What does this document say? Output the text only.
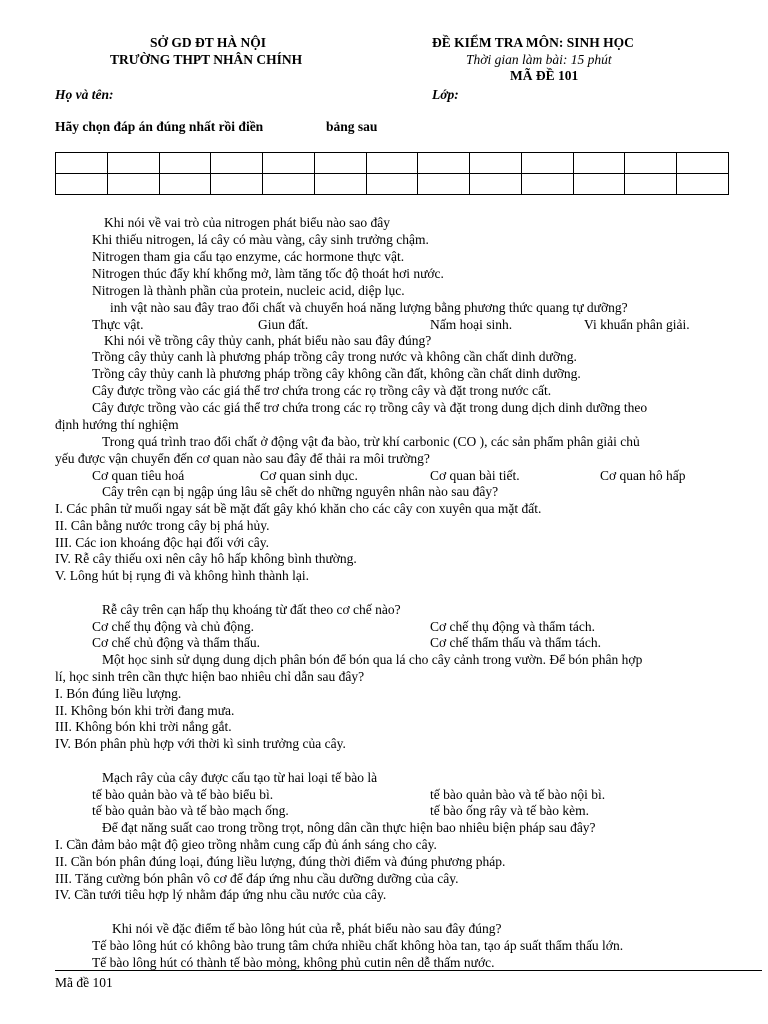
SỞ GD ĐT HÀ NỘI
TRƯỜNG THPT NHÂN CHÍNH
ĐỀ KIỂM TRA MÔN: SINH HỌC
Thời gian làm bài: 15 phút
MÃ ĐỀ 101
Họ và tên:	Lớp:
Hãy chọn đáp án đúng nhất rồi điền	bảng sau

Khi nói về vai trò của nitrogen phát biểu nào sao đây
Khi thiếu nitrogen, lá cây có màu vàng, cây sinh trưởng chậm.
Nitrogen tham gia cấu tạo enzyme, các hormone thực vật.
Nitrogen thúc đẩy khí khổng mở, làm tăng tốc độ thoát hơi nước.
Nitrogen là thành phần của protein, nucleic acid, diệp lục.
inh vật nào sau đây trao đổi chất và chuyển hoá năng lượng bằng phương thức quang tự dưỡng?
Thực vật.	Giun đất.	Nấm hoại sinh.	Vi khuẩn phân giải.
Khi nói về trồng cây thủy canh, phát biểu nào sau đây đúng?
Trồng cây thủy canh là phương pháp trồng cây trong nước và không cần chất dinh dưỡng.
Trồng cây thủy canh là phương pháp trồng cây không cần đất, không cần chất dinh dưỡng.
Cây được trồng vào các giá thể trơ chứa trong các rọ trồng cây và đặt trong nước cất.
Cây được trồng vào các giá thể trơ chứa trong các rọ trồng cây và đặt trong dung dịch dinh dưỡng theo
định hướng thí nghiệm
Trong quá trình trao đổi chất ở động vật đa bào, trừ khí carbonic (CO ), các sản phẩm phân giải chủ
yếu được vận chuyển đến cơ quan nào sau đây để thải ra môi trường?
Cơ quan tiêu hoá	Cơ quan sinh dục.	Cơ quan bài tiết.	Cơ quan hô hấp
Cây trên cạn bị ngập úng lâu sẽ chết do những nguyên nhân nào sau đây?
I. Các phân tử muối ngay sát bề mặt đất gây khó khăn cho các cây con xuyên qua mặt đất.
II. Cân bằng nước trong cây bị phá hủy.
III. Các ion khoáng độc hại đối với cây.
IV. Rễ cây thiếu oxi nên cây hô hấp không bình thường.
V. Lông hút bị rụng đi và không hình thành lại.
Rễ cây trên cạn hấp thụ khoáng từ đất theo cơ chế nào?
Cơ chế thụ động và chủ động.	Cơ chế thụ động và thẩm tách.
Cơ chế chủ động và thẩm thấu.	Cơ chế thẩm thấu và thẩm tách.
Một học sinh sử dụng dung dịch phân bón để bón qua lá cho cây cảnh trong vườn. Để bón phân hợp
lí, học sinh trên cần thực hiện bao nhiêu chỉ dẫn sau đây?
I. Bón đúng liều lượng.
II. Không bón khi trời đang mưa.
III. Không bón khi trời nắng gắt.
IV. Bón phân phù hợp với thời kì sinh trưởng của cây.
Mạch rây của cây được cấu tạo từ hai loại tế bào là
tế bào quản bào và tế bào biểu bì.	tế bào quản bào và tế bào nội bì.
tế bào quản bào và tế bào mạch ống.	tế bào ống rây và tế bào kèm.
Để đạt năng suất cao trong trồng trọt, nông dân cần thực hiện bao nhiêu biện pháp sau đây?
I. Cần đảm bảo mật độ gieo trồng nhằm cung cấp đủ ánh sáng cho cây.
II. Cần bón phân đúng loại, đúng liều lượng, đúng thời điểm và đúng phương pháp.
III. Tăng cường bón phân vô cơ để đáp ứng nhu cầu dưỡng dưỡng của cây.
IV. Cần tưới tiêu hợp lý nhằm đáp ứng nhu cầu nước của cây.
Khi nói về đặc điểm tế bào lông hút của rễ, phát biểu nào sau đây đúng?
Tế bào lông hút có không bào trung tâm chứa nhiều chất không hòa tan, tạo áp suất thẩm thấu lớn.
Tế bào lông hút có thành tế bào mỏng, không phủ cutin nên dễ thấm nước.
Mã đề 101
